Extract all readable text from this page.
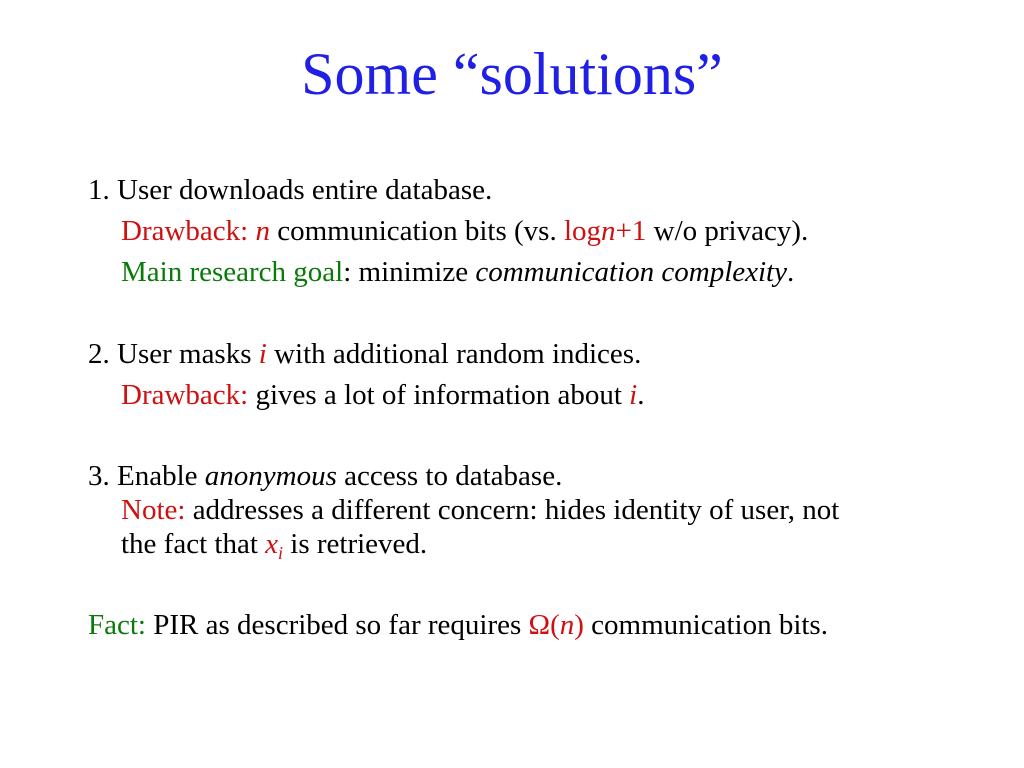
Some “solutions”
1. User downloads entire database.
Drawback: n communication bits (vs. logn+1 w/o privacy).
Main research goal: minimize communication complexity.
2. User masks i with additional random indices.
Drawback: gives a lot of information about i.
3. Enable anonymous access to database.
Note: addresses a different concern: hides identity of user, not
the fact that $x_i$ is retrieved.
Fact: PIR as described so far requires Ω(n) communication bits.
